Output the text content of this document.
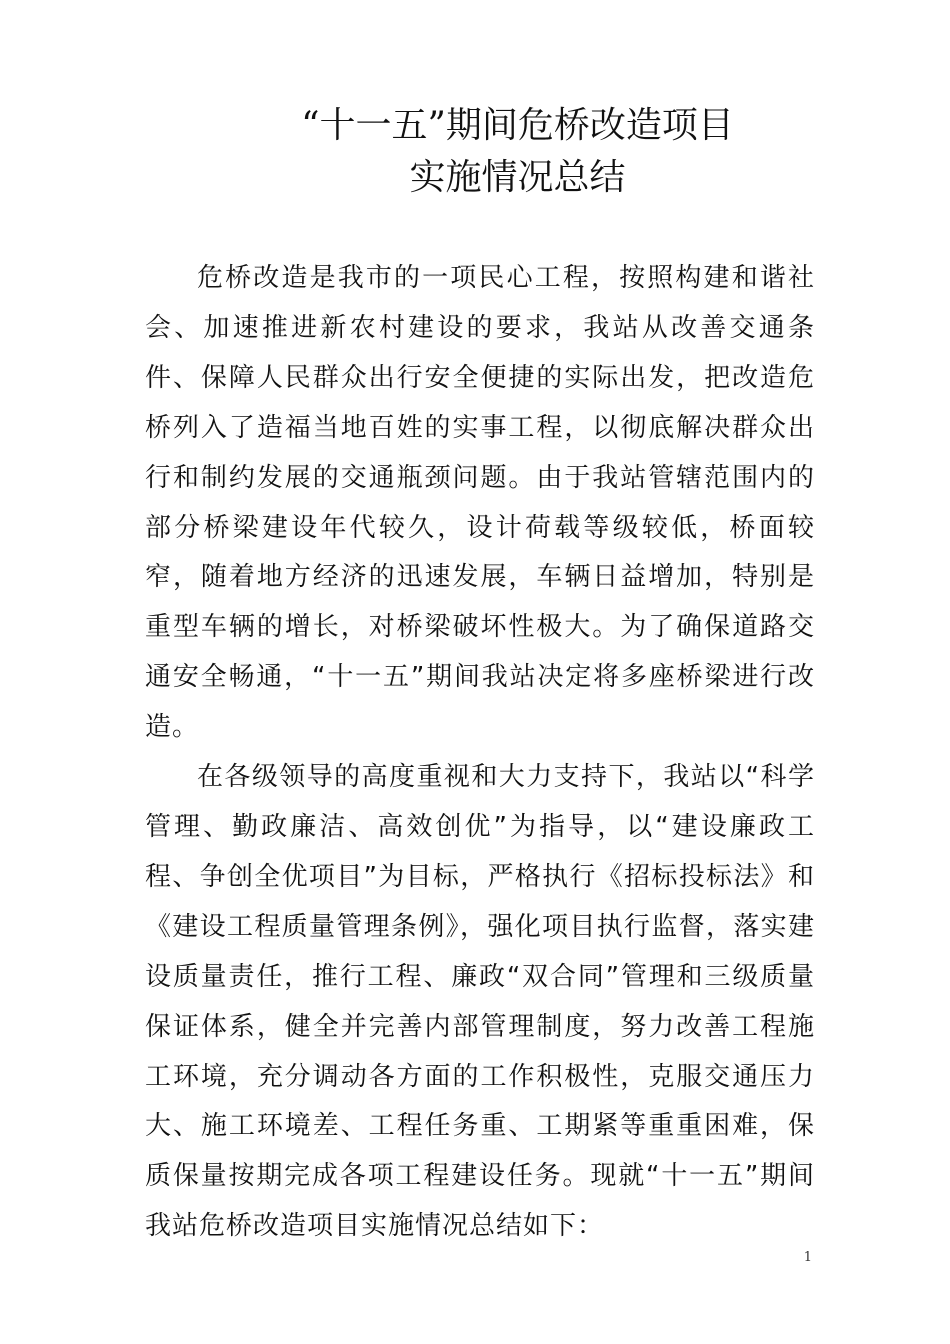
“十一五”期间危桥改造项目
实施情况总结

危桥改造是我市的一项民心工程，按照构建和谐社会、加速推进新农村建设的要求，我站从改善交通条件、保障人民群众出行安全便捷的实际出发，把改造危桥列入了造福当地百姓的实事工程，以彻底解决群众出行和制约发展的交通瓶颈问题。由于我站管辖范围内的部分桥梁建设年代较久，设计荷载等级较低，桥面较窄，随着地方经济的迅速发展，车辆日益增加，特别是重型车辆的增长，对桥梁破坏性极大。为了确保道路交通安全畅通，“十一五”期间我站决定将多座桥梁进行改造。

在各级领导的高度重视和大力支持下，我站以“科学管理、勤政廉洁、高效创优”为指导，以“建设廉政工程、争创全优项目”为目标，严格执行《招标投标法》和《建设工程质量管理条例》，强化项目执行监督，落实建设质量责任，推行工程、廉政“双合同”管理和三级质量保证体系，健全并完善内部管理制度，努力改善工程施工环境，充分调动各方面的工作积极性，克服交通压力大、施工环境差、工程任务重、工期紧等重重困难，保质保量按期完成各项工程建设任务。现就“十一五”期间我站危桥改造项目实施情况总结如下：

1
